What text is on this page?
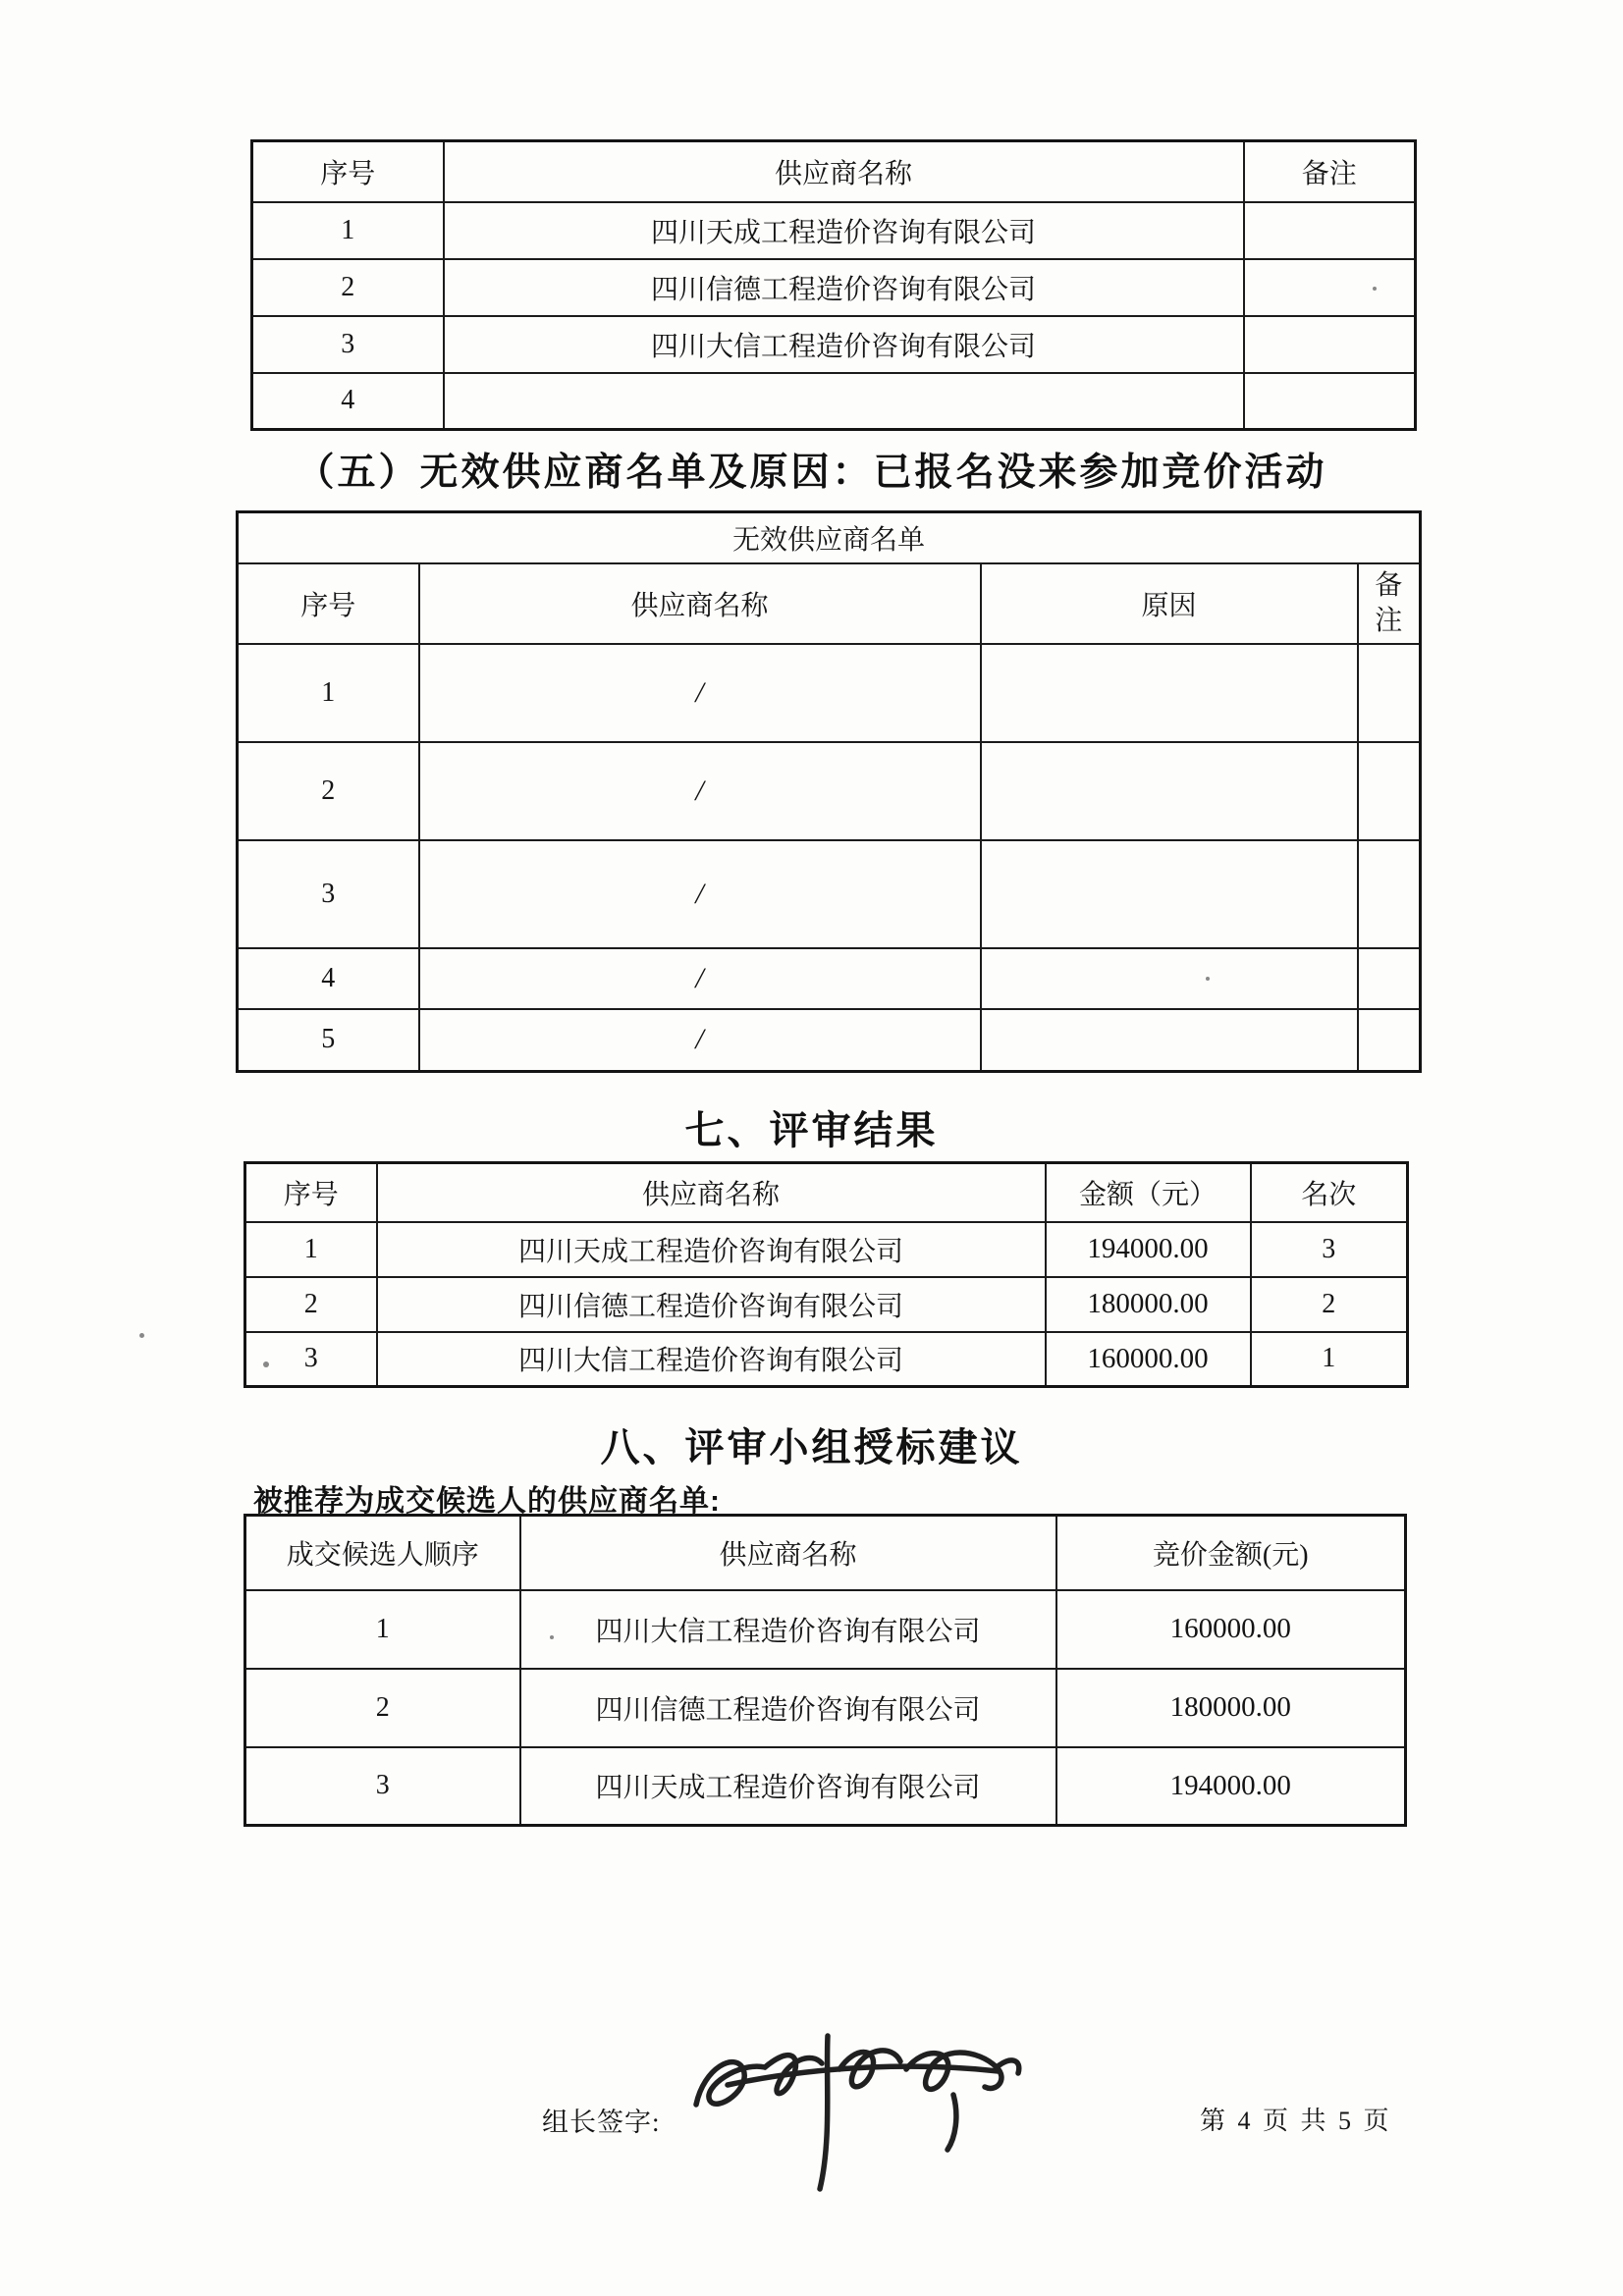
序号	供应商名称	备注
1	四川天成工程造价咨询有限公司	
2	四川信德工程造价咨询有限公司	
3	四川大信工程造价咨询有限公司	
4		
（五）无效供应商名单及原因：已报名没来参加竞价活动
无效供应商名单			
序号	供应商名称	原因	备
注

1	/		
2	/		
3	/		
4	/		
5	/		
七、评审结果
序号	供应商名称	金额（元）	名次
1	四川天成工程造价咨询有限公司	194000.00	3
2	四川信德工程造价咨询有限公司	180000.00	2
3	四川大信工程造价咨询有限公司	160000.00	1
八、评审小组授标建议
被推荐为成交候选人的供应商名单:
成交候选人顺序	供应商名称	竞价金额(元)
1	四川大信工程造价咨询有限公司	160000.00
2	四川信德工程造价咨询有限公司	180000.00
3	四川天成工程造价咨询有限公司	194000.00
组长签字:	第 4 页 共 5 页
